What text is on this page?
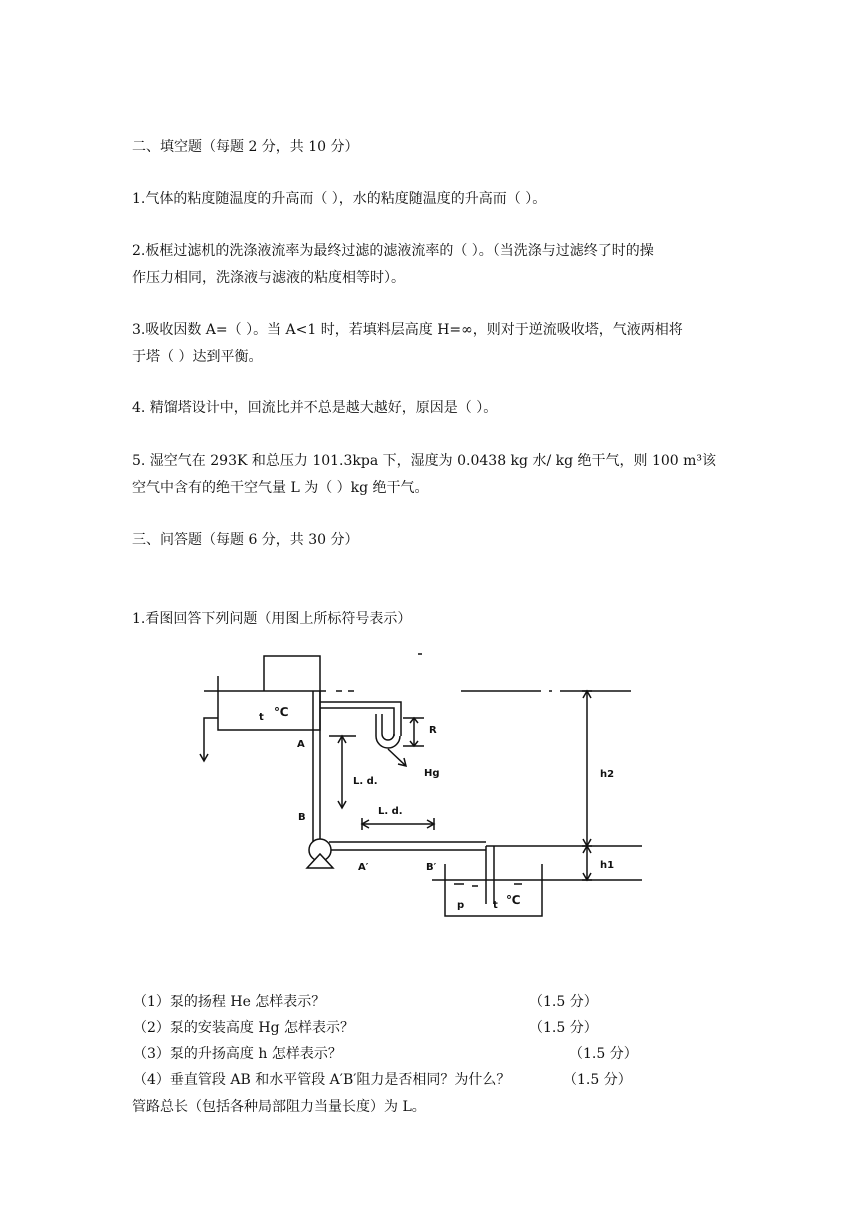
二、填空题（每题 2 分，共 10 分）
1.气体的粘度随温度的升高而（ ），水的粘度随温度的升高而（ ）。
2.板框过滤机的洗涤液流率为最终过滤的滤液流率的（ ）。（当洗涤与过滤终了时的操
作压力相同，洗涤液与滤液的粘度相等时）。
3.吸收因数 A=（ ）。当 A<1 时，若填料层高度 H=∞，则对于逆流吸收塔，气液两相将
于塔（ ）达到平衡。
4. 精馏塔设计中，回流比并不总是越大越好，原因是（ ）。
5. 湿空气在 293K 和总压力 101.3kpa 下，湿度为 0.0438 kg 水/ kg 绝干气，则 100 m³该
空气中含有的绝干空气量 L 为（ ）kg 绝干气。
三、问答题（每题 6 分，共 30 分）
1.看图回答下列问题（用图上所标符号表示）
t ℃
A
R
Hg
L. d.
B
L. d.
A′	B′
h2
h1
p	t ℃
（1）泵的扬程 He 怎样表示？	（1.5 分）
（2）泵的安装高度 Hg 怎样表示？	（1.5 分）
（3）泵的升扬高度 h 怎样表示？	（1.5 分）
（4）垂直管段 AB 和水平管段 A′B′阻力是否相同？为什么？	（1.5 分）
管路总长（包括各种局部阻力当量长度）为 L。
